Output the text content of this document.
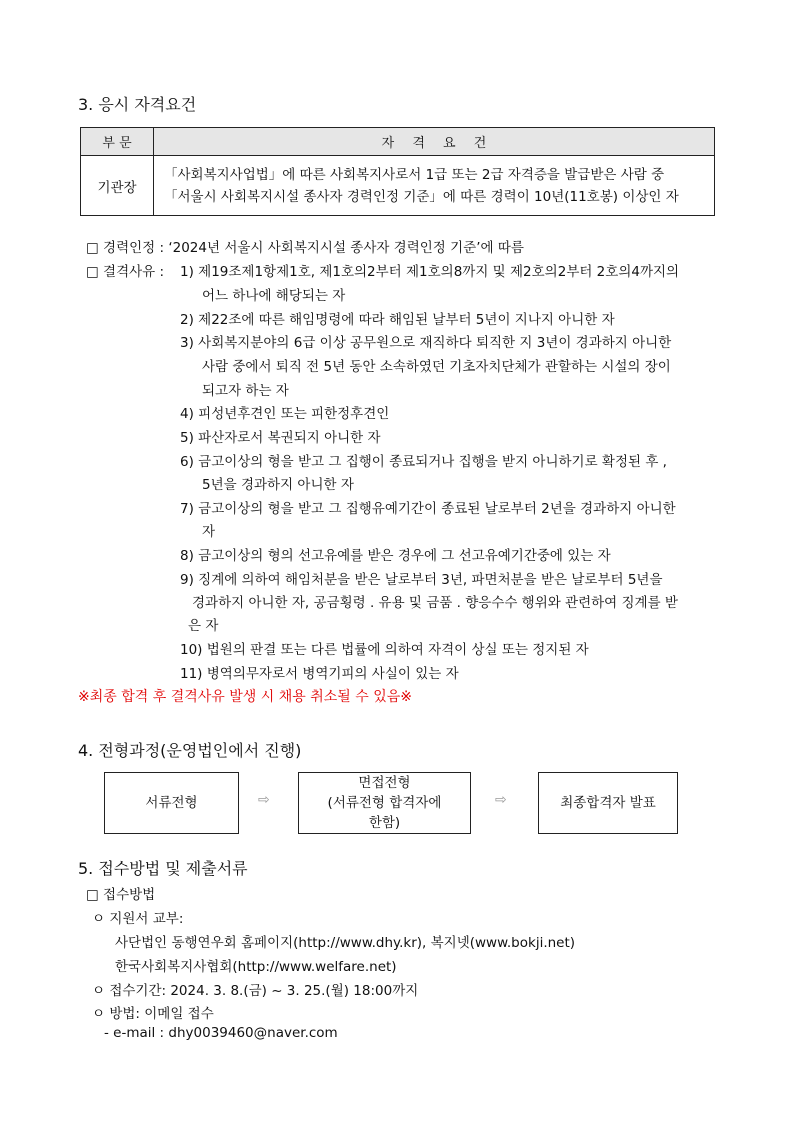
3. 응시 자격요건
부 문	자 격 요 건
기관장	「사회복지사업법」에 따른 사회복지사로서 1급 또는 2급 자격증을 발급받은 사람 중
「서울시 사회복지시설 종사자 경력인정 기준」에 따른 경력이 10년(11호봉) 이상인 자
□ 경력인정 : ‘2024년 서울시 사회복지시설 종사자 경력인정 기준’에 따름
□ 결격사유 : 1) 제19조제1항제1호, 제1호의2부터 제1호의8까지 및 제2호의2부터 2호의4까지의
어느 하나에 해당되는 자
2) 제22조에 따른 해임명령에 따라 해임된 날부터 5년이 지나지 아니한 자
3) 사회복지분야의 6급 이상 공무원으로 재직하다 퇴직한 지 3년이 경과하지 아니한
사람 중에서 퇴직 전 5년 동안 소속하였던 기초자치단체가 관할하는 시설의 장이
되고자 하는 자
4) 피성년후견인 또는 피한정후견인
5) 파산자로서 복권되지 아니한 자
6) 금고이상의 형을 받고 그 집행이 종료되거나 집행을 받지 아니하기로 확정된 후 ,
5년을 경과하지 아니한 자
7) 금고이상의 형을 받고 그 집행유예기간이 종료된 날로부터 2년을 경과하지 아니한
자
8) 금고이상의 형의 선고유예를 받은 경우에 그 선고유예기간중에 있는 자
9) 징계에 의하여 해임처분을 받은 날로부터 3년, 파면처분을 받은 날로부터 5년을
경과하지 아니한 자, 공금횡령 . 유용 및 금품 . 향응수수 행위와 관련하여 징계를 받
은 자
10) 법원의 판결 또는 다른 법률에 의하여 자격이 상실 또는 정지된 자
11) 병역의무자로서 병역기피의 사실이 있는 자
※최종 합격 후 결격사유 발생 시 채용 취소될 수 있음※
4. 전형과정(운영법인에서 진행)
서류전형	⇨
면접전형
(서류전형 합격자에
한함)
⇨	최종합격자 발표
5. 접수방법 및 제출서류
□ 접수방법
ㅇ 지원서 교부:
사단법인 동행연우회 홈페이지(http://www.dhy.kr), 복지넷(www.bokji.net)
한국사회복지사협회(http://www.welfare.net)
ㅇ 접수기간: 2024. 3. 8.(금) ~ 3. 25.(월) 18:00까지
ㅇ 방법: 이메일 접수
- e-mail : dhy0039460@naver.com
